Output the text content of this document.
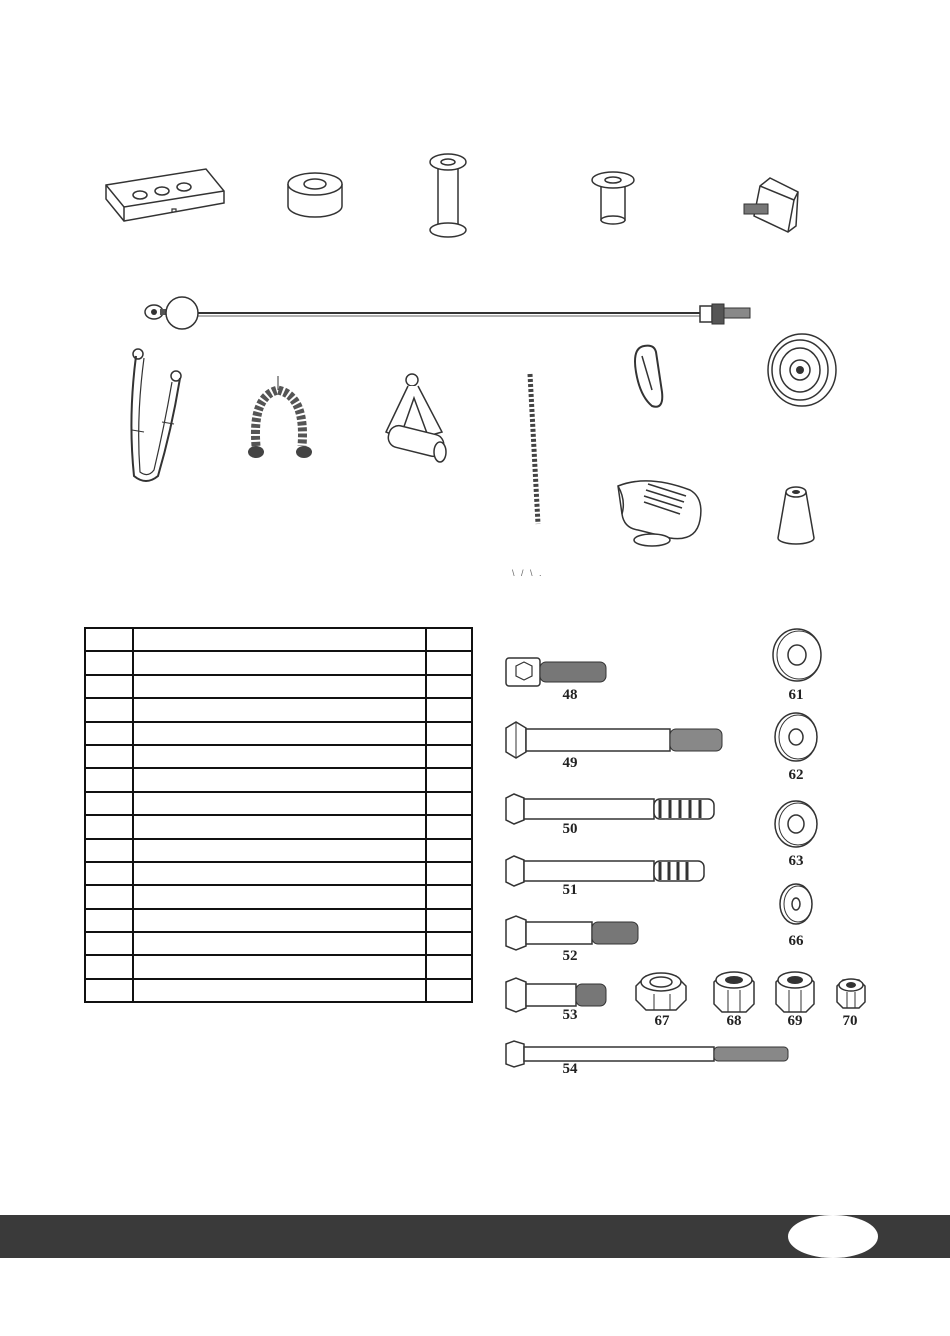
\ / \ .

48
49
50
51
52
53
54
61
62
63
66
67	68	69	70
